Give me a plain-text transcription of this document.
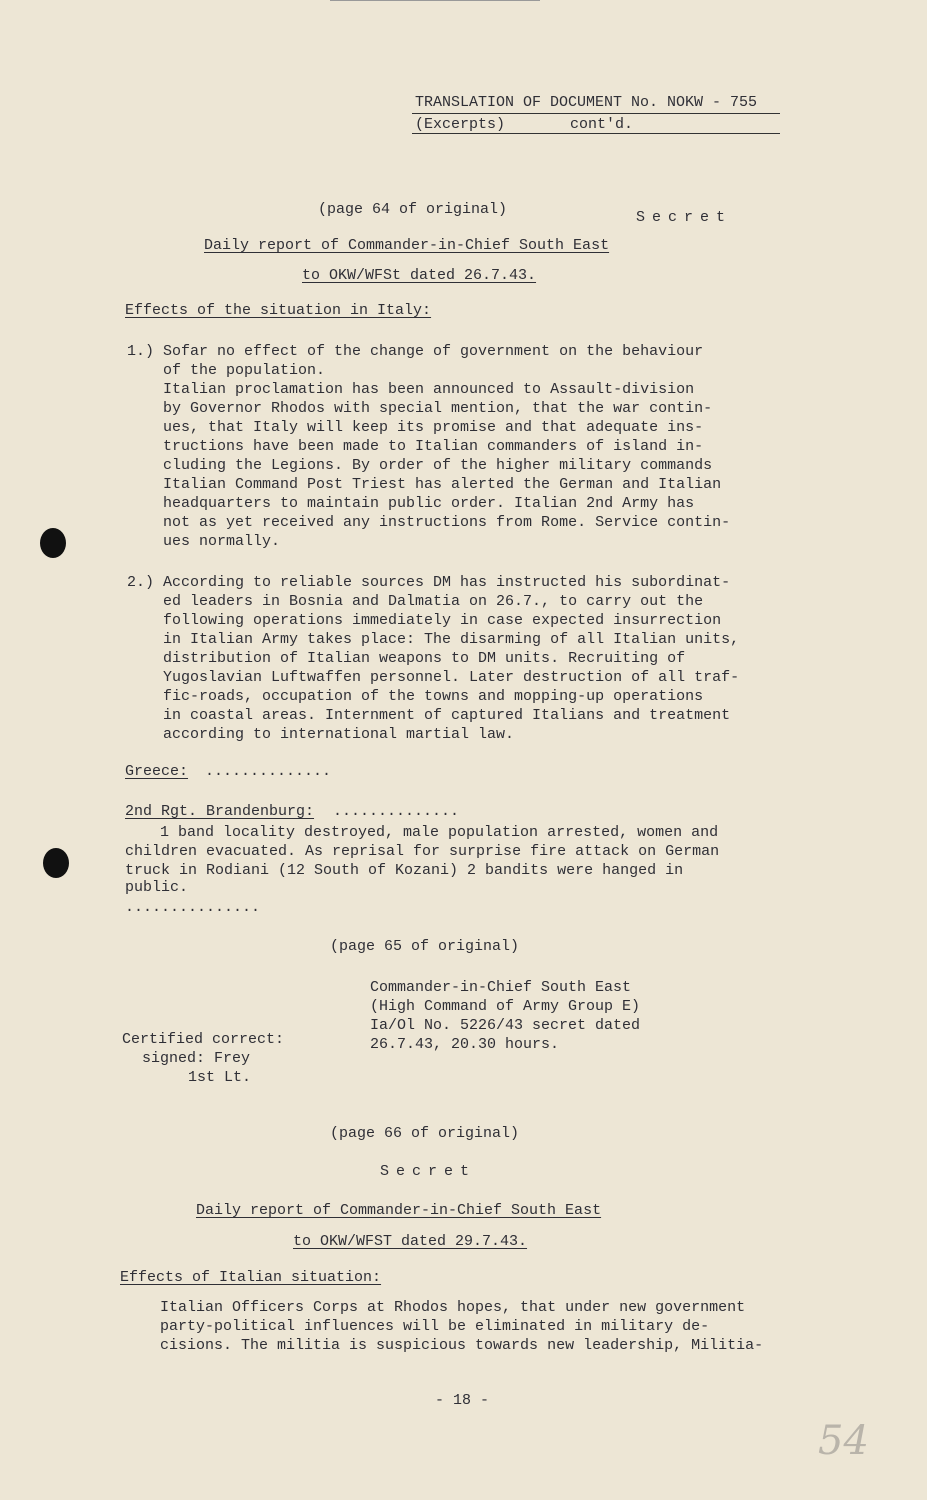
TRANSLATION OF DOCUMENT No. NOKW - 755
(Excerpts)	cont'd.
(page 64 of original)	Secret
Daily report of Commander-in-Chief South East
to OKW/WFSt dated 26.7.43.
Effects of the situation in Italy:
1.) Sofar no effect of the change of government on the behaviour
of the population.
Italian proclamation has been announced to Assault-division
by Governor Rhodos with special mention, that the war contin-
ues, that Italy will keep its promise and that adequate ins-
tructions have been made to Italian commanders of island in-
cluding the Legions. By order of the higher military commands
Italian Command Post Triest has alerted the German and Italian
headquarters to maintain public order. Italian 2nd Army has
not as yet received any instructions from Rome. Service contin-
ues normally.
2.) According to reliable sources DM has instructed his subordinat-
ed leaders in Bosnia and Dalmatia on 26.7., to carry out the
following operations immediately in case expected insurrection
in Italian Army takes place: The disarming of all Italian units,
distribution of Italian weapons to DM units. Recruiting of
Yugoslavian Luftwaffen personnel. Later destruction of all traf-
fic-roads, occupation of the towns and mopping-up operations
in coastal areas. Internment of captured Italians and treatment
according to international martial law.
Greece: ..............
2nd Rgt. Brandenburg: ..............
1 band locality destroyed, male population arrested, women and
children evacuated. As reprisal for surprise fire attack on German
truck in Rodiani (12 South of Kozani) 2 bandits were hanged in
public.
...............
(page 65 of original)
Commander-in-Chief South East
(High Command of Army Group E)
Ia/Ol No. 5226/43 secret dated
26.7.43, 20.30 hours.
Certified correct:
signed: Frey
1st Lt.
(page 66 of original)
Secret
Daily report of Commander-in-Chief South East
to OKW/WFST dated 29.7.43.
Effects of Italian situation:
Italian Officers Corps at Rhodos hopes, that under new government
party-political influences will be eliminated in military de-
cisions. The militia is suspicious towards new leadership, Militia-
- 18 -
54
